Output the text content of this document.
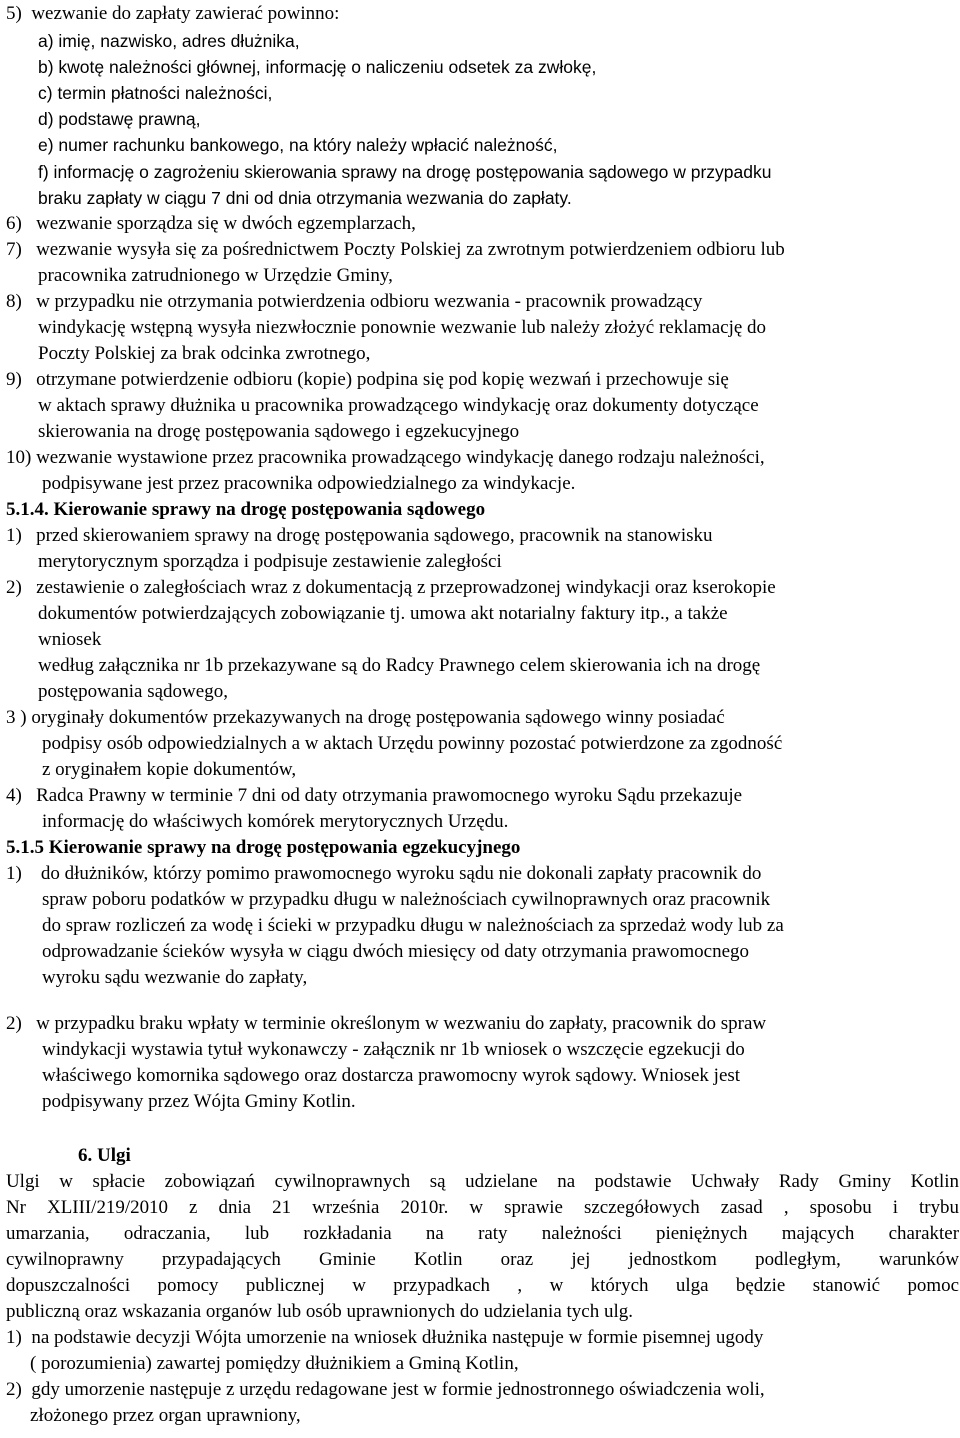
5)  wezwanie do zapłaty zawierać powinno:
a) imię, nazwisko, adres dłużnika,
b) kwotę należności głównej, informację o naliczeniu odsetek za zwłokę,
c) termin płatności należności,
d) podstawę prawną,
e) numer rachunku bankowego, na który należy wpłacić należność,
f) informację o zagrożeniu skierowania sprawy na drogę postępowania sądowego w przypadku
braku zapłaty w ciągu 7 dni od dnia otrzymania wezwania do zapłaty.
6)   wezwanie sporządza się w dwóch egzemplarzach,
7)   wezwanie wysyła się za pośrednictwem Poczty Polskiej za zwrotnym potwierdzeniem odbioru lub
pracownika zatrudnionego w Urzędzie Gminy,
8)   w przypadku nie otrzymania potwierdzenia odbioru wezwania - pracownik prowadzący
windykację wstępną wysyła niezwłocznie ponownie wezwanie lub należy złożyć reklamację do
Poczty Polskiej za brak odcinka zwrotnego,
9)   otrzymane potwierdzenie odbioru (kopie) podpina się pod kopię wezwań i przechowuje się
w aktach sprawy dłużnika u pracownika prowadzącego windykację oraz dokumenty dotyczące
skierowania na drogę postępowania sądowego i egzekucyjnego
10) wezwanie wystawione przez pracownika prowadzącego windykację danego rodzaju należności,
podpisywane jest przez pracownika odpowiedzialnego za windykacje.
5.1.4. Kierowanie sprawy na drogę postępowania sądowego
1)   przed skierowaniem sprawy na drogę postępowania sądowego, pracownik na stanowisku
merytorycznym sporządza i podpisuje zestawienie zaległości
2)   zestawienie o zaległościach wraz z dokumentacją z przeprowadzonej windykacji oraz kserokopie
dokumentów potwierdzających zobowiązanie tj. umowa akt notarialny faktury itp., a także
wniosek
według załącznika nr 1b przekazywane są do Radcy Prawnego celem skierowania ich na drogę
postępowania sądowego,
3 ) oryginały dokumentów przekazywanych na drogę postępowania sądowego winny posiadać
podpisy osób odpowiedzialnych a w aktach Urzędu powinny pozostać potwierdzone za zgodność
z oryginałem kopie dokumentów,
4)   Radca Prawny w terminie 7 dni od daty otrzymania prawomocnego wyroku Sądu przekazuje
informację do właściwych komórek merytorycznych Urzędu.
5.1.5 Kierowanie sprawy na drogę postępowania egzekucyjnego
1)    do dłużników, którzy pomimo prawomocnego wyroku sądu nie dokonali zapłaty pracownik do
spraw poboru podatków w przypadku długu w należnościach cywilnoprawnych oraz pracownik
do spraw rozliczeń za wodę i ścieki w przypadku długu w należnościach za sprzedaż wody lub za
odprowadzanie ścieków wysyła w ciągu dwóch miesięcy od daty otrzymania prawomocnego
wyroku sądu wezwanie do zapłaty,
2)   w przypadku braku wpłaty w terminie określonym w wezwaniu do zapłaty, pracownik do spraw
windykacji wystawia tytuł wykonawczy - załącznik nr 1b wniosek o wszczęcie egzekucji do
właściwego komornika sądowego oraz dostarcza prawomocny wyrok sądowy. Wniosek jest
podpisywany przez Wójta Gminy Kotlin.
6. Ulgi
Ulgi w spłacie zobowiązań cywilnoprawnych są udzielane na podstawie Uchwały Rady Gminy Kotlin
Nr XLIII/219/2010 z dnia 21 września 2010r. w sprawie szczegółowych zasad , sposobu i trybu
umarzania, odraczania, lub rozkładania na raty należności pieniężnych mających charakter
cywilnoprawny przypadających Gminie Kotlin oraz jej jednostkom podległym, warunków
dopuszczalności pomocy publicznej w przypadkach , w których ulga będzie stanowić pomoc
publiczną oraz wskazania organów lub osób uprawnionych do udzielania tych ulg.
1)  na podstawie decyzji Wójta umorzenie na wniosek dłużnika następuje w formie pisemnej ugody
( porozumienia) zawartej pomiędzy dłużnikiem a Gminą Kotlin,
2)  gdy umorzenie następuje z urzędu redagowane jest w formie jednostronnego oświadczenia woli,
złożonego przez organ uprawniony,
